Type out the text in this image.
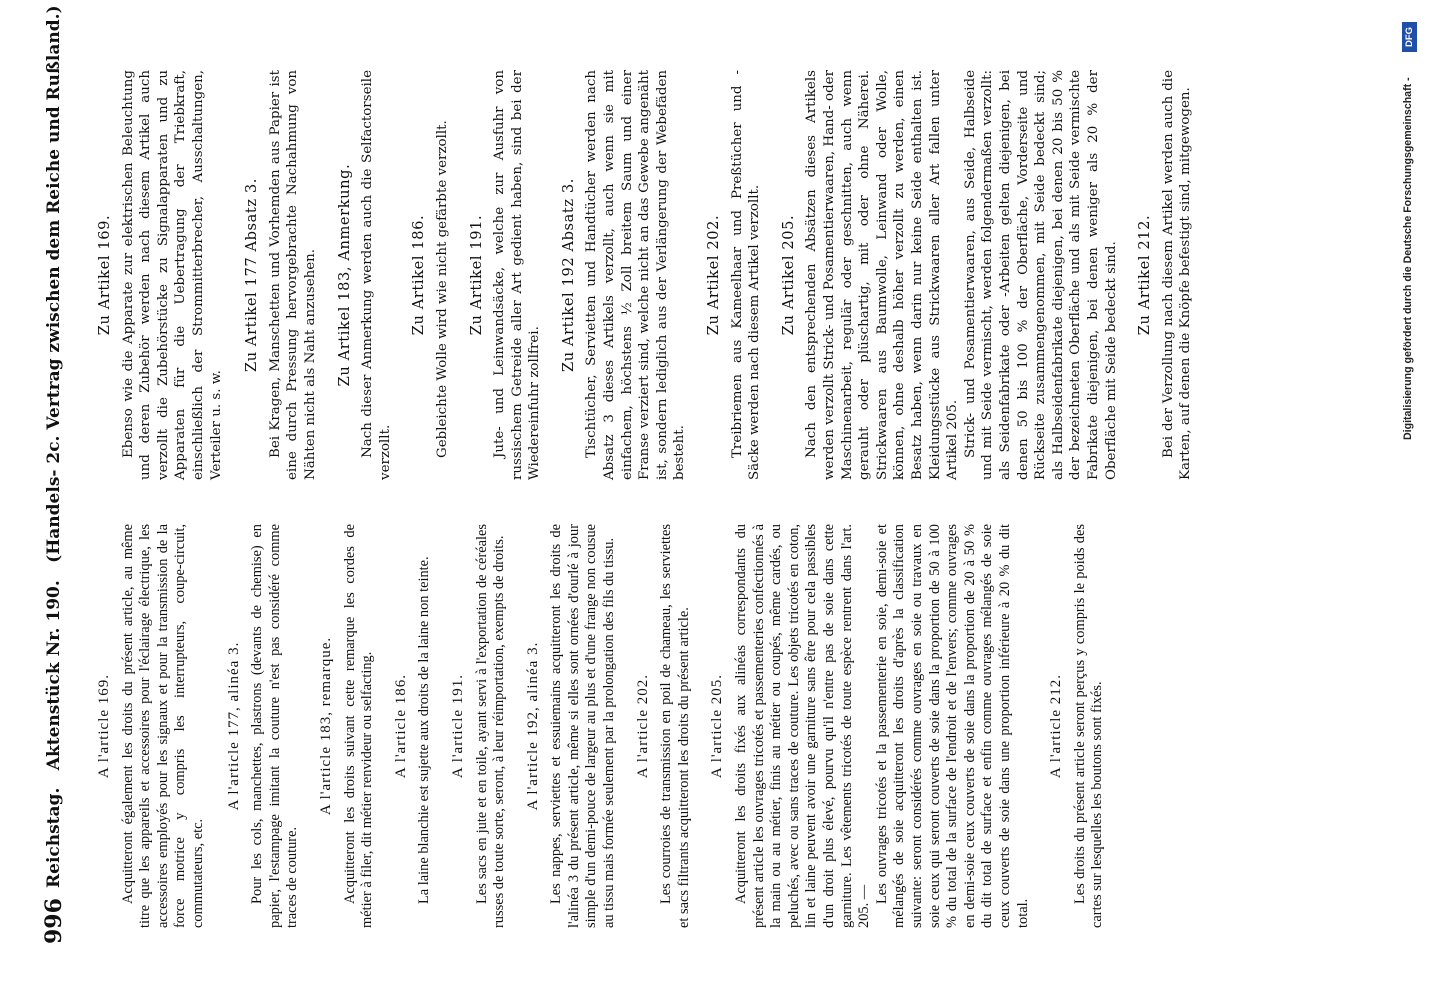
996
Reichstag. Aktenstück Nr. 190. (Handels- 2c. Vertrag zwischen dem Reiche und Rußland.)
A l'article 169. Acquitteront également les droits du présent article, au même titre que les appareils et accessoires pour l'éclairage électrique, les accessoires employés pour les signaux et pour la transmission de la force motrice y compris les interrupteurs, coupe-circuit, commutateurs, etc.

A l'article 177, alinéa 3. Pour les cols, manchettes, plastrons (devants de chemise) en papier, l'estampage imitant la couture n'est pas considéré comme traces de couture.

A l'article 183, remarque. Acquitteront les droits suivant cette remarque les cordes de métier à filer, dit métier renvideur ou selfacting. A l'article 186. La laine blanchie est sujette aux droits de la laine non teinte. A l'article 191. Les sacs en jute et en toile, ayant servi à l'exportation de céréales russes de toute sorte, seront, à leur réimportation, exempts de droits. A l'article 192, alinéa 3. Les nappes, serviettes et essuiemains acquitteront les droits de l'alinéa 3 du présent article, même si elles sont ornées d'ourlé à jour simple d'un demi-pouce de largeur au plus et d'une frange non cousue au tissu mais formée seulement par la prolongation des fils du tissu. A l'article 202. Les courroies de transmission en poil de chameau, les serviettes et sacs filtrants acquitteront les droits du présent article. A l'article 205. Acquitteront les droits fixés aux alinéas correspondants du présent article les ouvrages tricotés et passementeries confectionnés à la main ou au métier, finis au métier ou coupés, même cardés, ou peluchés, avec ou sans traces de couture. Les objets tricotés en coton, lin et laine peuvent avoir une garniture sans être pour cela passibles d'un droit plus élevé, pourvu qu'il n'entre pas de soie dans cette garniture. Les vêtements tricotés de toute espèce rentrent dans l'art. 205. —

Les ouvrages tricotés et la passementerie en soie, demi-soie et mélangés de soie acquitteront les droits d'après la classification suivante: seront considérés comme ouvrages en soie ou travaux en soie ceux qui seront couverts de soie dans la proportion de 50 à 100 % du total de la surface de l'endroit et de l'envers; comme ouvrages en demi-soie ceux couverts de soie dans la proportion de 20 à 50 % du dit total de surface et enfin comme ouvrages mélangés de soie ceux couverts de soie dans une proportion inférieure à 20 % du dit total.

A l'article 212. Les droits du présent article seront perçus y compris le poids des cartes sur lesquelles les boutons sont fixés.

Zu Artikel 169. Ebenso wie die Apparate zur elektrischen Beleuchtung und deren Zubehör werden nach diesem Artikel auch verzollt die Zubehörstücke zu Signalapparaten und zu Apparaten für die Uebertragung der Triebkraft, einschließlich der Strommitterbrecher, Ausschaltungen, Verteiler u. s. w.

Zu Artikel 177 Absatz 3. Bei Kragen, Manschetten und Vorhemden aus Papier ist eine durch Pressung hervorgebrachte Nachahmung von Nähten nicht als Naht anzusehen. Zu Artikel 183, Anmerkung. Nach dieser Anmerkung werden auch die Selfactorseile verzollt.

Zu Artikel 186. Gebleichte Wolle wird wie nicht gefärbte verzollt. Zu Artikel 191. Jute- und Leinwandsäcke, welche zur Ausfuhr von russischem Getreide aller Art gedient haben, sind bei der Wiedereinfuhr zollfrei.

Zu Artikel 192 Absatz 3. Tischtücher, Servietten und Handtücher werden nach Absatz 3 dieses Artikels verzollt, auch wenn sie mit einfachem, höchstens ½ Zoll breitem Saum und einer Franse verziert sind, welche nicht an das Gewebe angenäht ist, sondern lediglich aus der Verlängerung der Webefäden besteht.

Zu Artikel 202. Treibriemen aus Kameelhaar und Preßtücher und -Säcke werden nach diesem Artikel verzollt. Zu Artikel 205. Nach den entsprechenden Absätzen dieses Artikels werden verzollt Strick- und Posamentierwaaren, Hand- oder Maschinenarbeit, regulär oder geschnitten, auch wenn gerauht oder plüschartig, mit oder ohne Näherei. Strickwaaren aus Baumwolle, Leinwand oder Wolle, können, ohne deshalb höher verzollt zu werden, einen Besatz haben, wenn darin nur keine Seide enthalten ist. Kleidungsstücke aus Strickwaaren aller Art fallen unter Artikel 205. Strick- und Posamentierwaaren, aus Seide, Halbseide und mit Seide vermischt, werden folgendermaßen verzollt: als Seidenfabrikate oder -Arbeiten gelten diejenigen, bei denen 50 bis 100 % der Oberfläche, Vorderseite und Rückseite zusammengenommen, mit Seide bedeckt sind; als Halbseidenfabrikate diejenigen, bei denen 20 bis 50 % der bezeichneten Oberfläche und als mit Seide vermischte Fabrikate diejenigen, bei denen weniger als 20 % der Oberfläche mit Seide bedeckt sind. Zu Artikel 212. Bei der Verzollung nach diesem Artikel werden auch die Karten, auf denen die Knöpfe befestigt sind, mitgewogen.	Digitalisierung gefördert durch die Deutsche Forschungsgemeinschaft -
DFG
